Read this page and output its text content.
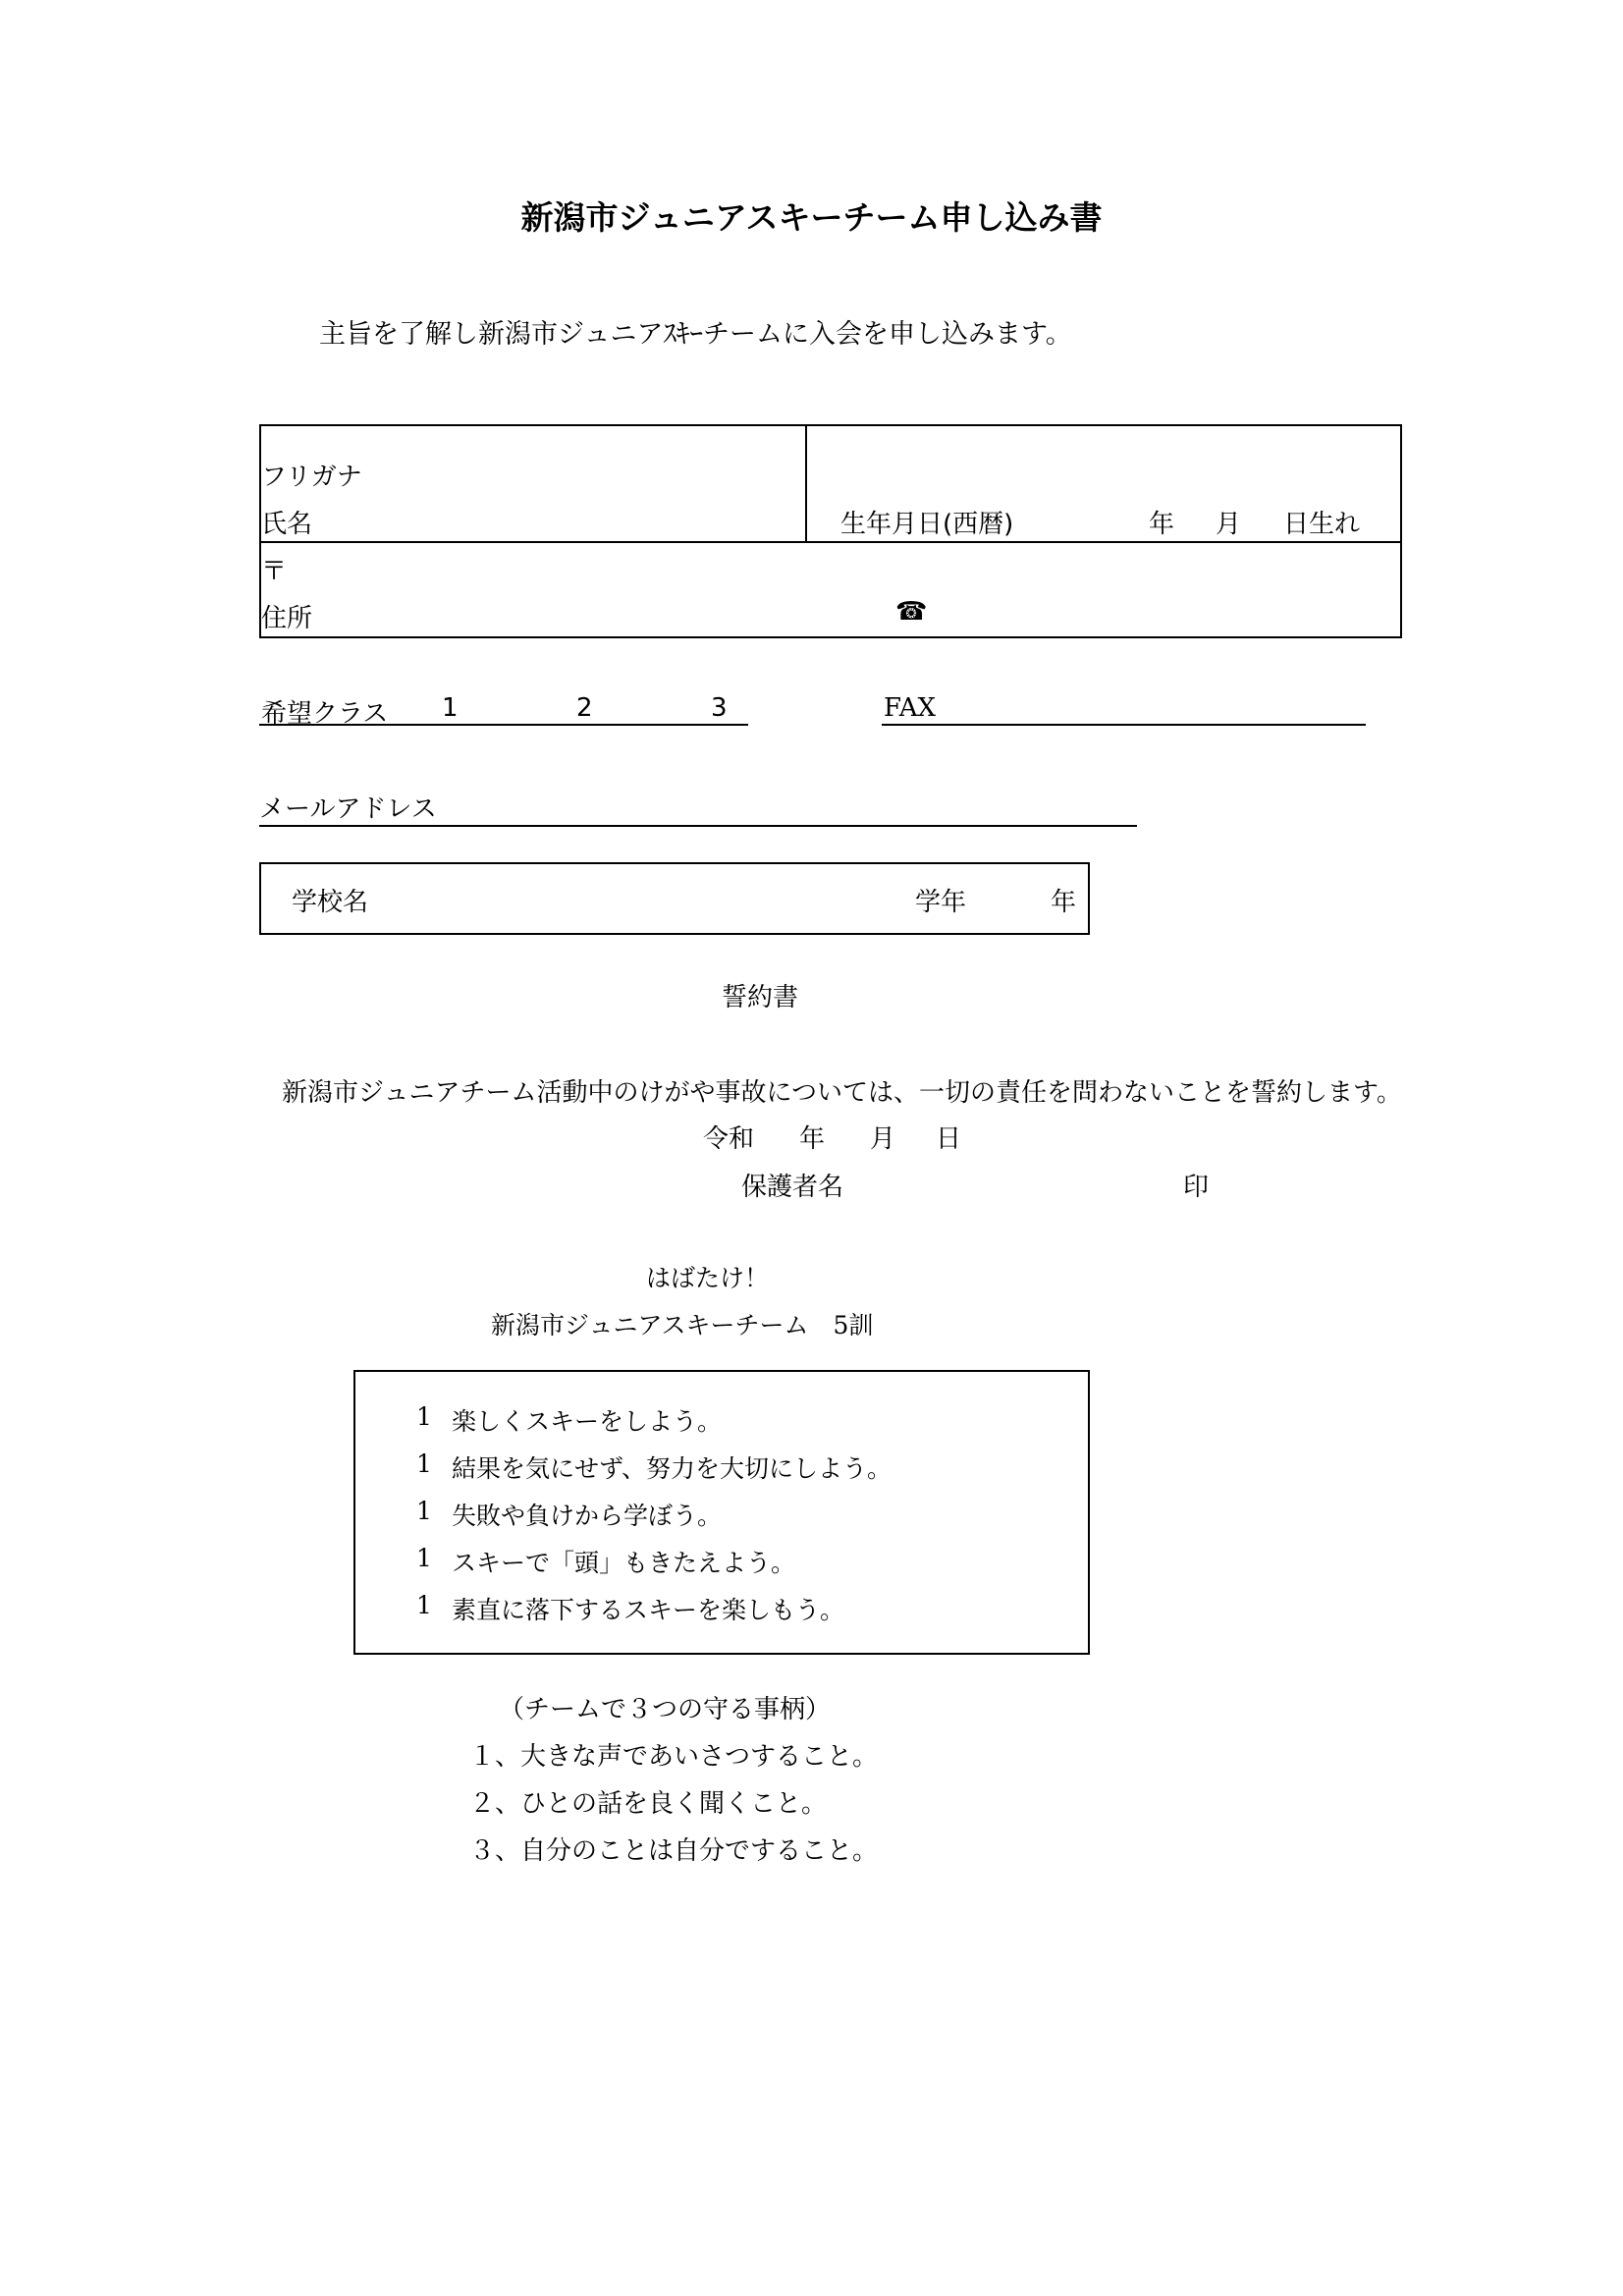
新潟市ジュニアスキーチーム申し込み書
主旨を了解し新潟市ジュニアｽｷｰチームに入会を申し込みます。
フリガナ
氏名	生年月日(西暦)	年 月 日生れ
〒
住所	☎
希望クラス 1	2	3	FAX
メールアドレス
学校名	学年	年
誓約書
新潟市ジュニアチーム活動中のけがや事故については、一切の責任を問わないことを誓約します。
令和 年 月 日
保護者名	印
はばたけ！
新潟市ジュニアスキーチーム　5訓
1 楽しくスキーをしよう。
1 結果を気にせず、努力を大切にしよう。
1 失敗や負けから学ぼう。
1 スキーで「頭」もきたえよう。
1 素直に落下するスキーを楽しもう。
（チームで３つの守る事柄）
１、大きな声であいさつすること。
２、ひとの話を良く聞くこと。
３、自分のことは自分ですること。
